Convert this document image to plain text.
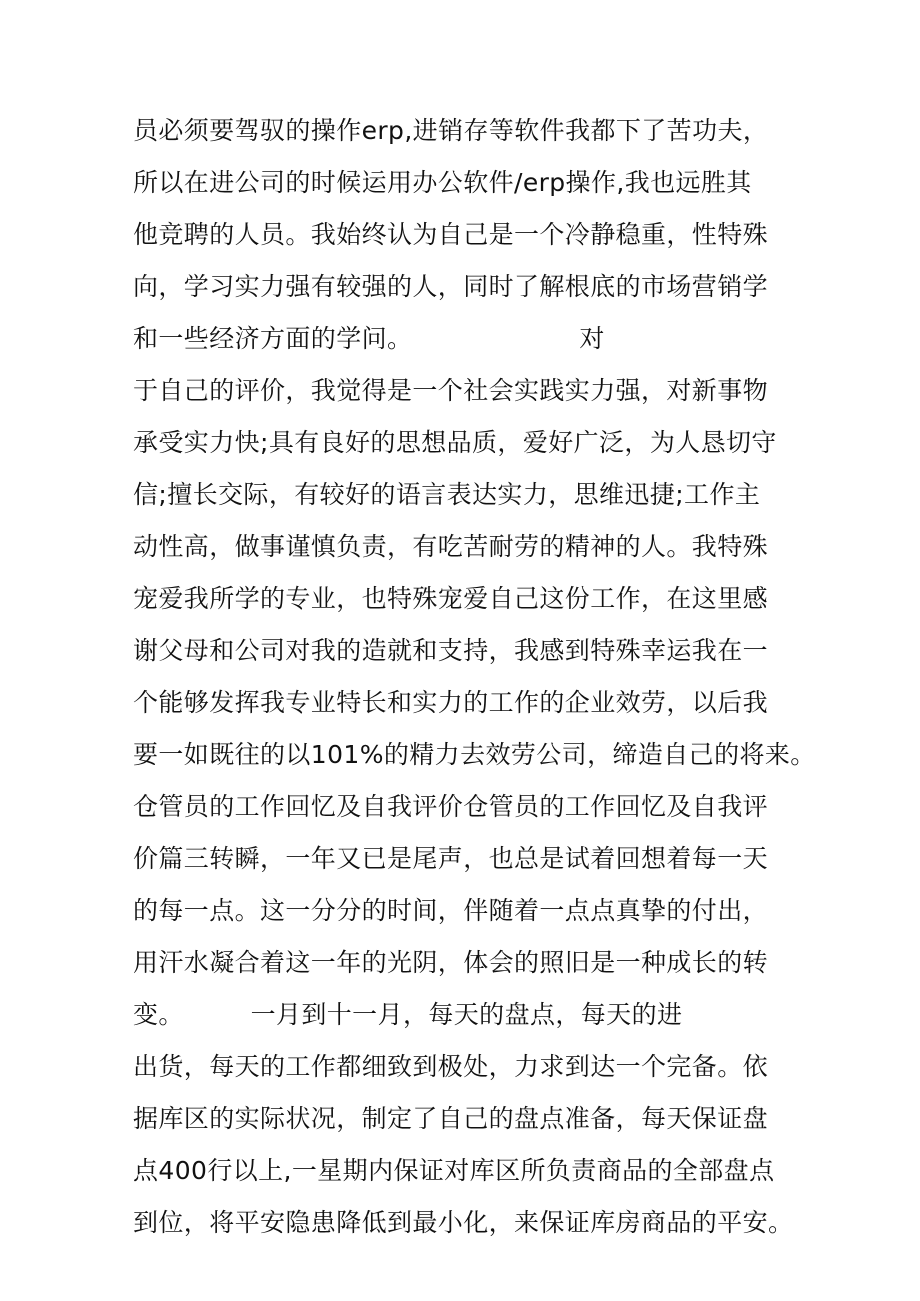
员必须要驾驭的操作erp,进销存等软件我都下了苦功夫，
所以在进公司的时候运用办公软件/erp操作,我也远胜其
他竞聘的人员。我始终认为自己是一个冷静稳重，性特殊
向，学习实力强有较强的人，同时了解根底的市场营销学
和一些经济方面的学问。                    对
于自己的评价，我觉得是一个社会实践实力强，对新事物
承受实力快;具有良好的思想品质，爱好广泛，为人恳切守
信;擅长交际，有较好的语言表达实力，思维迅捷;工作主
动性高，做事谨慎负责，有吃苦耐劳的精神的人。我特殊
宠爱我所学的专业，也特殊宠爱自己这份工作，在这里感
谢父母和公司对我的造就和支持，我感到特殊幸运我在一
个能够发挥我专业特长和实力的工作的企业效劳，以后我
要一如既往的以101%的精力去效劳公司，缔造自己的将来。
仓管员的工作回忆及自我评价仓管员的工作回忆及自我评
价篇三转瞬，一年又已是尾声，也总是试着回想着每一天
的每一点。这一分分的时间，伴随着一点点真挚的付出，
用汗水凝合着这一年的光阴，体会的照旧是一种成长的转
变。        一月到十一月，每天的盘点，每天的进
出货，每天的工作都细致到极处，力求到达一个完备。依
据库区的实际状况，制定了自己的盘点准备，每天保证盘
点400行以上,一星期内保证对库区所负责商品的全部盘点
到位，将平安隐患降低到最小化，来保证库房商品的平安。
